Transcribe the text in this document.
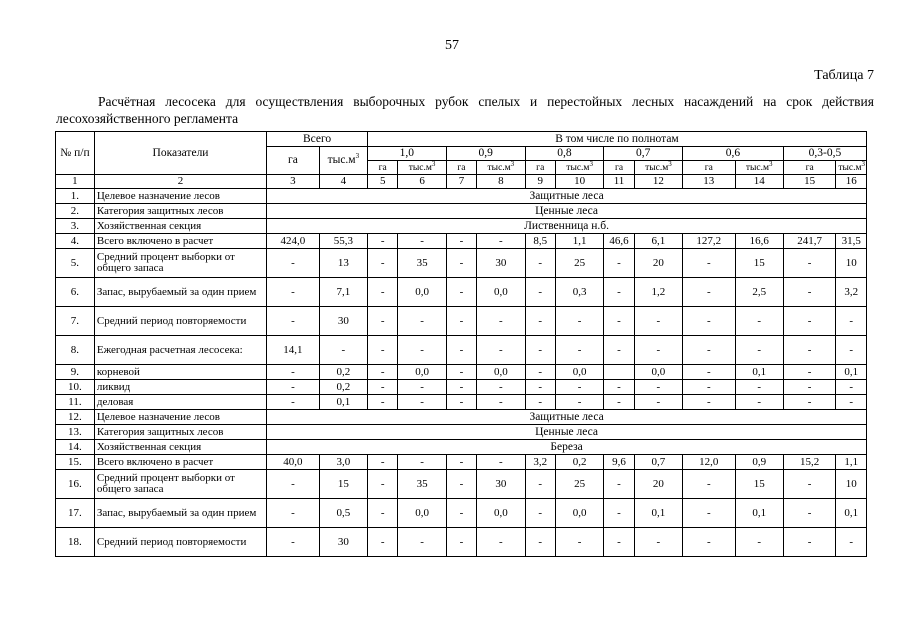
57
Таблица 7
Расчётная лесосека для осуществления выборочных рубок спелых и перестойных лесных насаждений на срок действия лесохозяйственного регламента
№ п/п	Показатели	Всего		В том числе по полнотам											
		га	$тыс.м^3$	1,0		0,9		0,8		0,7		0,6		0,3-0,5	
				га	$тыс.м^3$	га	$тыс.м^3$	га	$тыс.м^3$	га	$тыс.м^3$	га	$тыс.м^3$	га	$тыс.м^3$
1	2	3	4	5	6	7	8	9	10	11	12	13	14	15	16
1.	Целевое назначение лесов	Защитные леса													
2.	Категория защитных лесов	Ценные леса													
3.	Хозяйственная секция	Лиственница н.б.													
4.	Всего включено в расчет	424,0	55,3	-	-	-	-	8,5	1,1	46,6	6,1	127,2	16,6	241,7	31,5
5.	Средний процент выборки от общего запаса	-	13	-	35	-	30	-	25	-	20	-	15	-	10
6.	Запас, вырубаемый за один прием	-	7,1	-	0,0	-	0,0	-	0,3	-	1,2	-	2,5	-	3,2
7.	Средний период повторяемости	-	30	-	-	-	-	-	-	-	-	-	-	-	-
8.	Ежегодная расчетная лесосека:	14,1	-	-	-	-	-	-	-	-	-	-	-	-	-
9.	корневой	-	0,2	-	0,0	-	0,0	-	0,0		0,0	-	0,1	-	0,1
10.	ликвид	-	0,2	-	-	-	-	-	-	-	-	-	-	-	-
11.	деловая	-	0,1	-	-	-	-	-	-	-	-	-	-	-	-
12.	Целевое назначение лесов	Защитные леса													
13.	Категория защитных лесов	Ценные леса													
14.	Хозяйственная секция	Береза													
15.	Всего включено в расчет	40,0	3,0	-	-	-	-	3,2	0,2	9,6	0,7	12,0	0,9	15,2	1,1
16.	Средний процент выборки от общего запаса	-	15	-	35	-	30	-	25	-	20	-	15	-	10
17.	Запас, вырубаемый за один прием	-	0,5	-	0,0	-	0,0	-	0,0	-	0,1	-	0,1	-	0,1
18.	Средний период повторяемости	-	30	-	-	-	-	-	-	-	-	-	-	-	-
